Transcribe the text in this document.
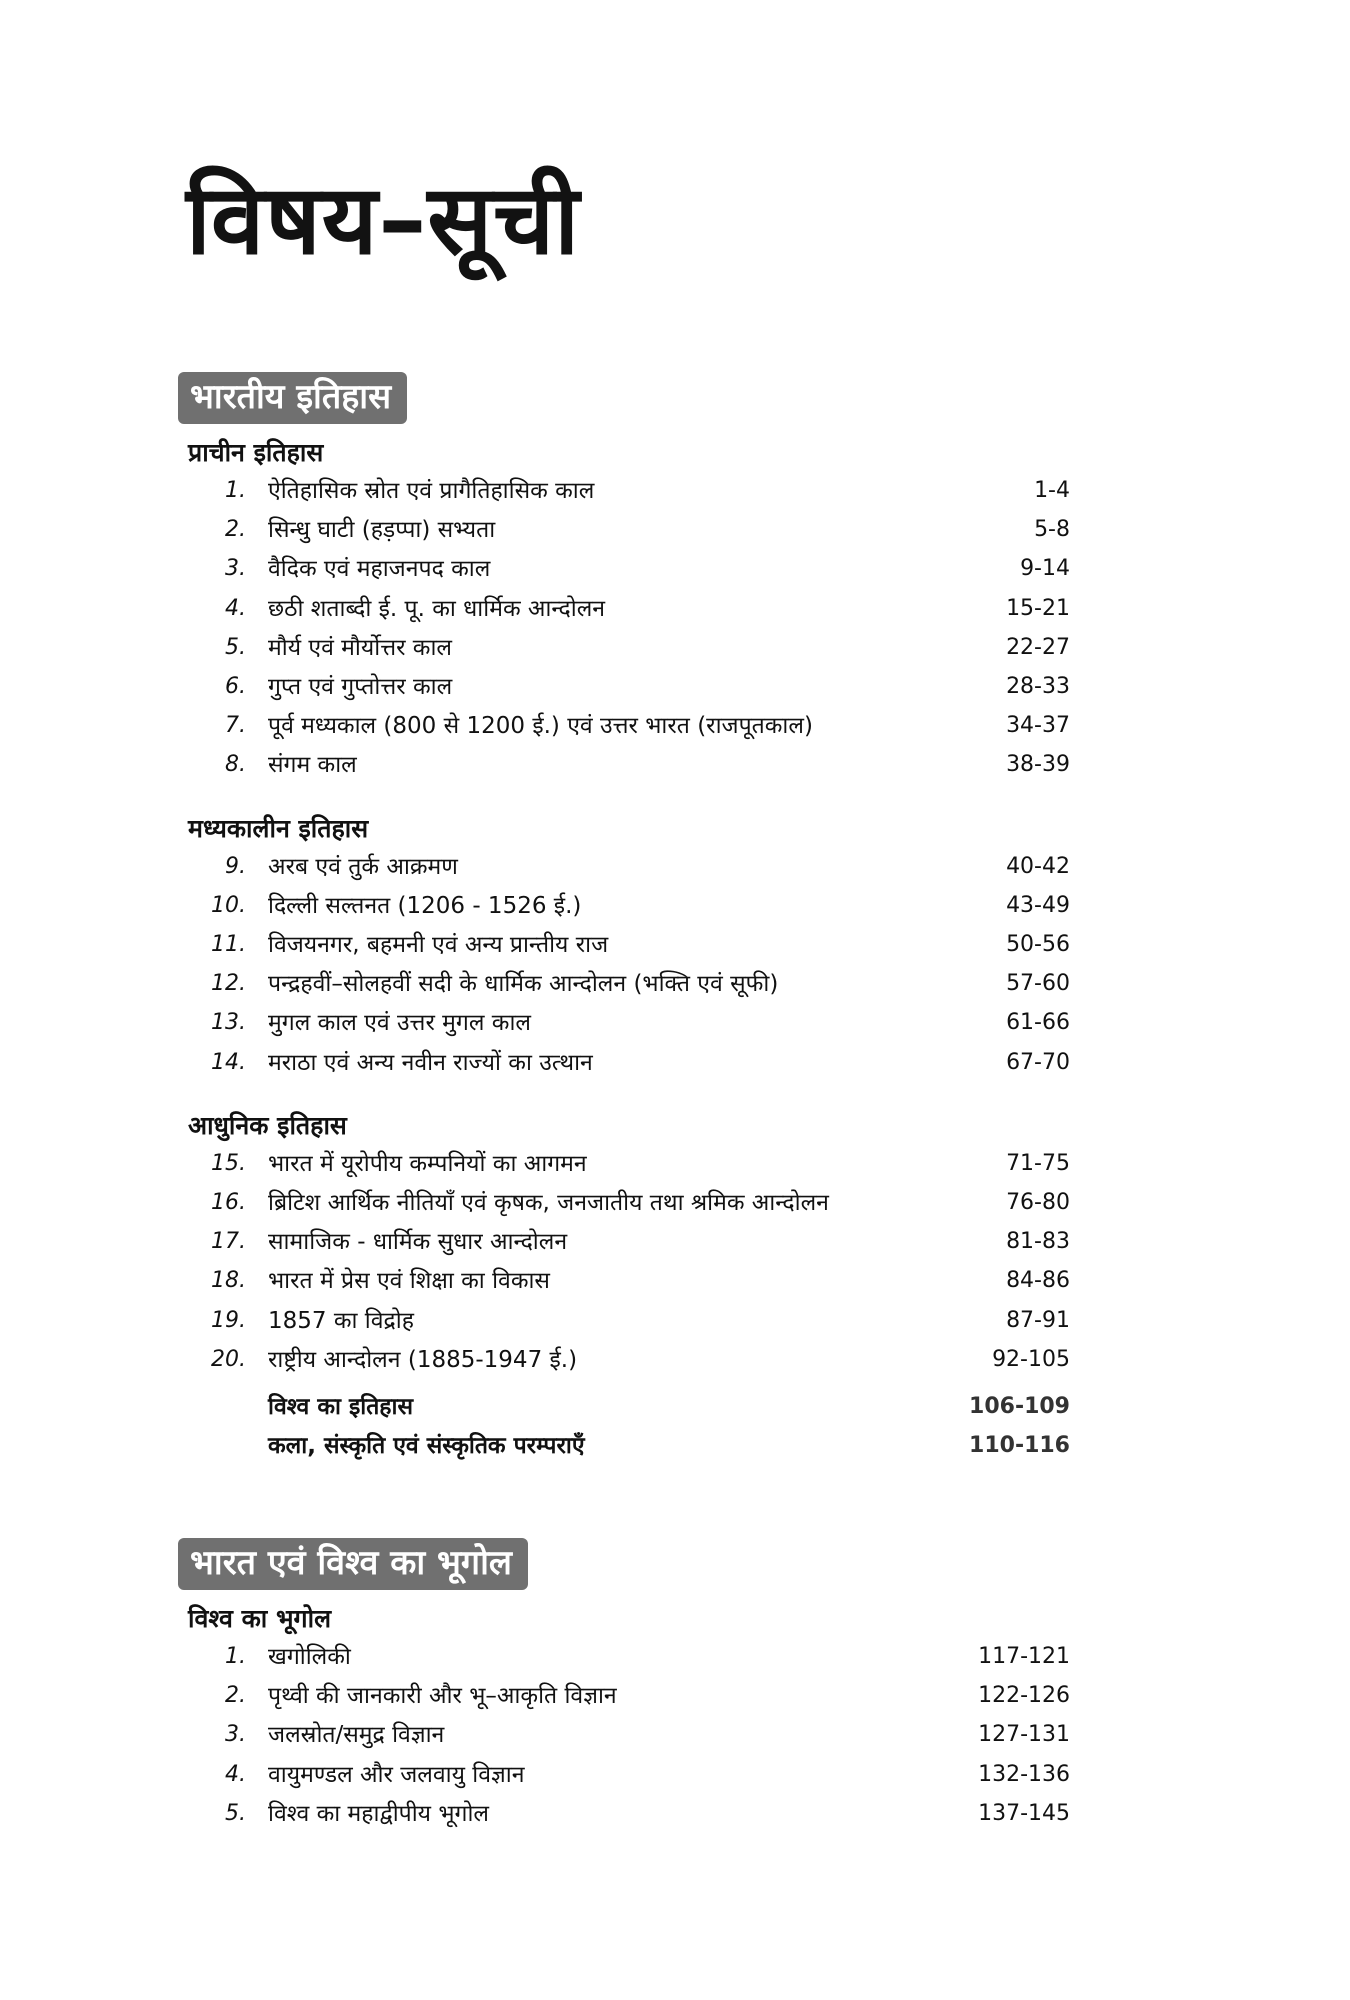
विषय–सूची
भारतीय इतिहास
प्राचीन इतिहास
1. ऐतिहासिक स्रोत एवं प्रागैतिहासिक काल	1-4
2. सिन्धु घाटी (हड़प्पा) सभ्यता	5-8
3. वैदिक एवं महाजनपद काल	9-14
4. छठी शताब्दी ई. पू. का धार्मिक आन्दोलन	15-21
5. मौर्य एवं मौर्योत्तर काल	22-27
6. गुप्त एवं गुप्तोत्तर काल	28-33
7. पूर्व मध्यकाल (800 से 1200 ई.) एवं उत्तर भारत (राजपूतकाल)	34-37
8. संगम काल	38-39
मध्यकालीन इतिहास
9. अरब एवं तुर्क आक्रमण	40-42
10. दिल्ली सल्तनत (1206 - 1526 ई.)	43-49
11. विजयनगर, बहमनी एवं अन्य प्रान्तीय राज	50-56
12. पन्द्रहवीं–सोलहवीं सदी के धार्मिक आन्दोलन (भक्ति एवं सूफी)	57-60
13. मुगल काल एवं उत्तर मुगल काल	61-66
14. मराठा एवं अन्य नवीन राज्यों का उत्थान	67-70
आधुनिक इतिहास
15. भारत में यूरोपीय कम्पनियों का आगमन	71-75
16. ब्रिटिश आर्थिक नीतियाँ एवं कृषक, जनजातीय तथा श्रमिक आन्दोलन	76-80
17. सामाजिक - धार्मिक सुधार आन्दोलन	81-83
18. भारत में प्रेस एवं शिक्षा का विकास	84-86
19. 1857 का विद्रोह	87-91
20. राष्ट्रीय आन्दोलन (1885-1947 ई.)	92-105
विश्व का इतिहास	106-109
कला, संस्कृति एवं संस्कृतिक परम्पराएँ	110-116
भारत एवं विश्व का भूगोल
विश्व का भूगोल
1. खगोलिकी	117-121
2. पृथ्वी की जानकारी और भू–आकृति विज्ञान	122-126
3. जलस्रोत/समुद्र विज्ञान	127-131
4. वायुमण्डल और जलवायु विज्ञान	132-136
5. विश्व का महाद्वीपीय भूगोल	137-145
